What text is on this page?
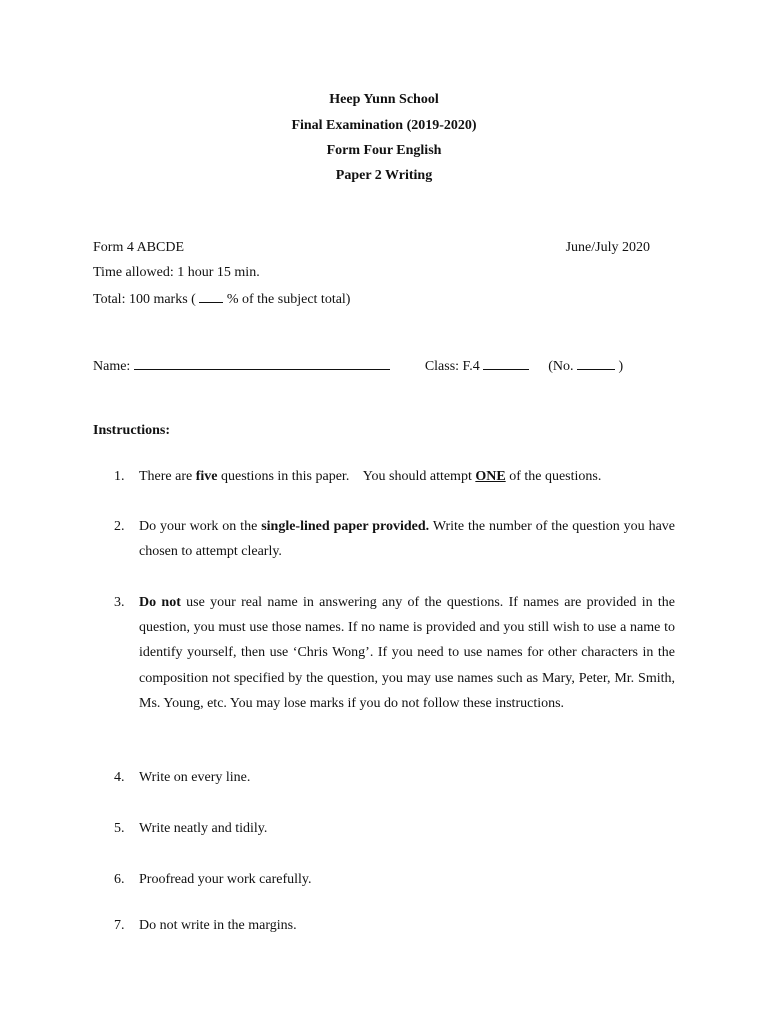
Heep Yunn School
Final Examination (2019-2020)
Form Four English
Paper 2 Writing
Form 4 ABCDE	June/July 2020
Time allowed: 1 hour 15 min.
Total: 100 marks ( % of the subject total)
Name:	Class: F.4	(No.	)
Instructions:
1.	There are five questions in this paper.    You should attempt ONE of the questions.

2.	Do your work on the single-lined paper provided. Write the number of the question you have chosen to attempt clearly.

3.	Do not use your real name in answering any of the questions. If names are provided in the question, you must use those names. If no name is provided and you still wish to use a name to identify yourself, then use ‘Chris Wong’. If you need to use names for other characters in the composition not specified by the question, you may use names such as Mary, Peter, Mr. Smith, Ms. Young, etc. You may lose marks if you do not follow these instructions.

4.	Write on every line.
5.	Write neatly and tidily.
6.	Proofread your work carefully.
7.	Do not write in the margins.
